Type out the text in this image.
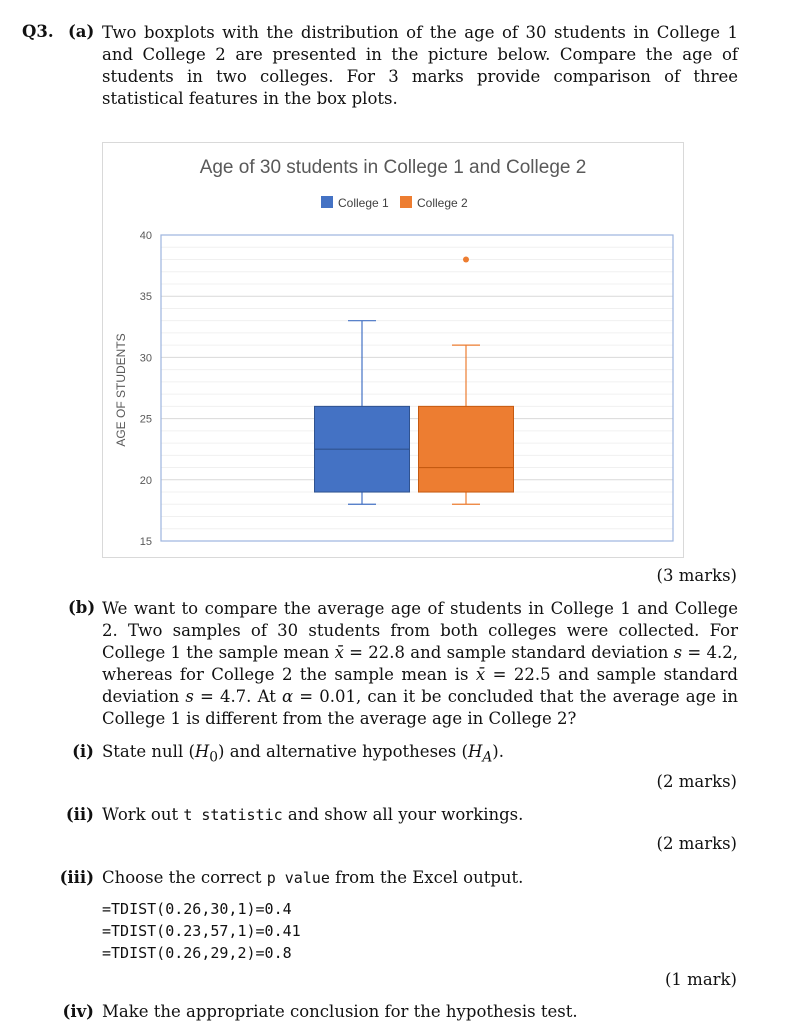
Q3. (a) Two boxplots with the distribution of the age of 30 students in College 1 and College 2 are presented in the picture below. Compare the age of students in two colleges. For 3 marks provide comparison of three statistical features in the box plots.
Age of 30 students in College 1 and College 2
College 1 College 2
AGE OF STUDENTS
15
20
25
30
35
40
(3 marks)
(b) We want to compare the average age of students in College 1 and College 2. Two samples of 30 students from both colleges were collected. For College 1 the sample mean x̄ = 22.8 and sample standard deviation s = 4.2, whereas for College 2 the sample mean is x̄ = 22.5 and sample standard deviation s = 4.7. At α = 0.01, can it be concluded that the average age in College 1 is different from the average age in College 2?
(i) State null $(H_0)$ and alternative hypotheses $(H_A)$.
(2 marks)
(ii) Work out t statistic and show all your workings.
(2 marks)
(iii) Choose the correct p value from the Excel output.
=TDIST(0.26,30,1)=0.4
=TDIST(0.23,57,1)=0.41
=TDIST(0.26,29,2)=0.8
(1 mark)
(iv) Make the appropriate conclusion for the hypothesis test.
